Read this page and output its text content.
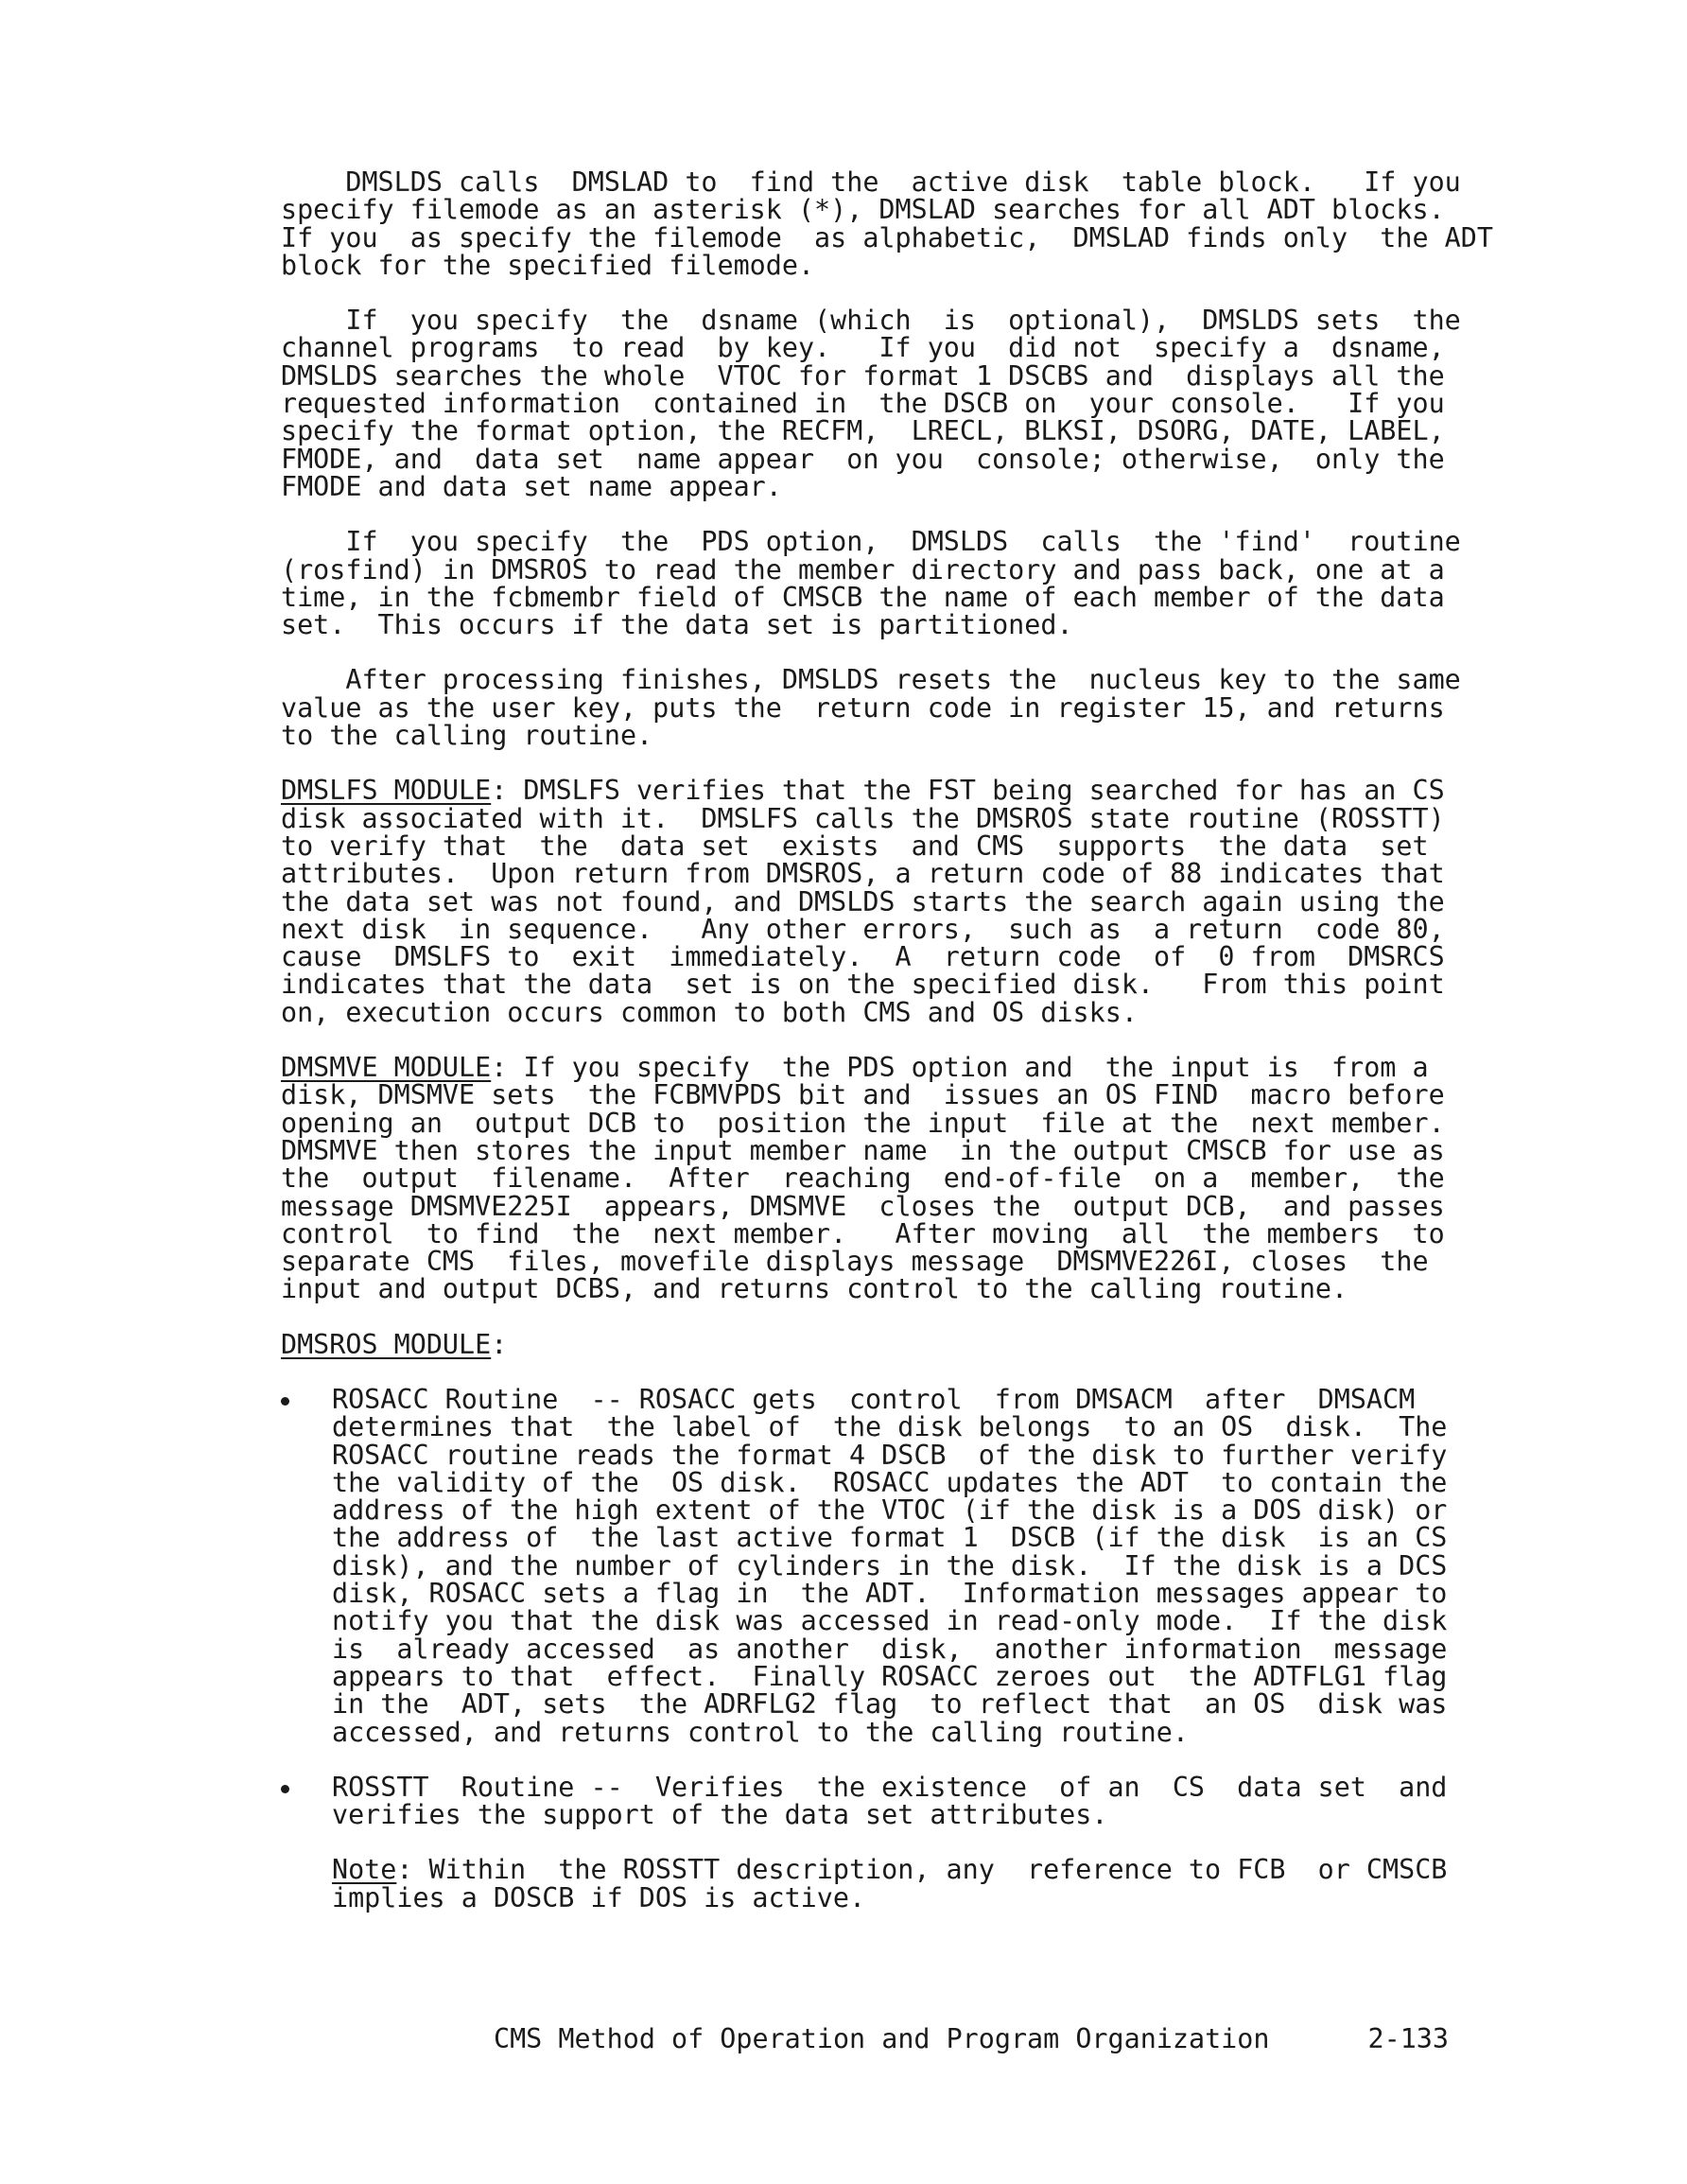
DMSLDS calls  DMSLAD to  find the  active disk  table block.   If you
specify filemode as an asterisk (*), DMSLAD searches for all ADT blocks.
If you  as specify the filemode  as alphabetic,  DMSLAD finds only  the ADT
block for the specified filemode.

If  you specify  the  dsname (which  is  optional),  DMSLDS sets  the
channel programs  to read  by key.   If you  did not  specify a  dsname,
DMSLDS searches the whole  VTOC for format 1 DSCBS and  displays all the
requested information  contained in  the DSCB on  your console.   If you
specify the format option, the RECFM,  LRECL, BLKSI, DSORG, DATE, LABEL,
FMODE, and  data set  name appear  on you  console; otherwise,  only the
FMODE and data set name appear.

If  you specify  the  PDS option,  DMSLDS  calls  the 'find'  routine
(rosfind) in DMSROS to read the member directory and pass back, one at a
time, in the fcbmembr field of CMSCB the name of each member of the data
set.  This occurs if the data set is partitioned.

After processing finishes, DMSLDS resets the  nucleus key to the same
value as the user key, puts the  return code in register 15, and returns
to the calling routine.

DMSLFS MODULE: DMSLFS verifies that the FST being searched for has an CS
disk associated with it.  DMSLFS calls the DMSROS state routine (ROSSTT)
to verify that  the  data set  exists  and CMS  supports  the data  set
attributes.  Upon return from DMSROS, a return code of 88 indicates that
the data set was not found, and DMSLDS starts the search again using the
next disk  in sequence.   Any other errors,  such as  a return  code 80,
cause  DMSLFS to  exit  immediately.  A  return code  of  0 from  DMSRCS
indicates that the data  set is on the specified disk.   From this point
on, execution occurs common to both CMS and OS disks.

DMSMVE MODULE: If you specify  the PDS option and  the input is  from a
disk, DMSMVE sets  the FCBMVPDS bit and  issues an OS FIND  macro before
opening an  output DCB to  position the input  file at the  next member.
DMSMVE then stores the input member name  in the output CMSCB for use as
the  output  filename.  After  reaching  end-of-file  on a  member,  the
message DMSMVE225I  appears, DMSMVE  closes the  output DCB,  and passes
control  to find  the  next member.   After moving  all  the members  to
separate CMS  files, movefile displays message  DMSMVE226I, closes  the
input and output DCBS, and returns control to the calling routine.

DMSROS MODULE:

ROSACC Routine  -- ROSACC gets  control  from DMSACM  after  DMSACM
determines that  the label of  the disk belongs  to an OS  disk.  The
ROSACC routine reads the format 4 DSCB  of the disk to further verify
the validity of the  OS disk.  ROSACC updates the ADT  to contain the
address of the high extent of the VTOC (if the disk is a DOS disk) or
the address of  the last active format 1  DSCB (if the disk  is an CS
disk), and the number of cylinders in the disk.  If the disk is a DCS
disk, ROSACC sets a flag in  the ADT.  Information messages appear to
notify you that the disk was accessed in read-only mode.  If the disk
is  already accessed  as another  disk,  another information  message
appears to that  effect.  Finally ROSACC zeroes out  the ADTFLG1 flag
in the  ADT, sets  the ADRFLG2 flag  to reflect that  an OS  disk was
accessed, and returns control to the calling routine.
ROSSTT  Routine --  Verifies  the existence  of an  CS  data set  and
verifies the support of the data set attributes.

Note: Within  the ROSSTT description, any  reference to FCB  or CMSCB
implies a DOSCB if DOS is active.

CMS Method of Operation and Program Organization

	2-133
